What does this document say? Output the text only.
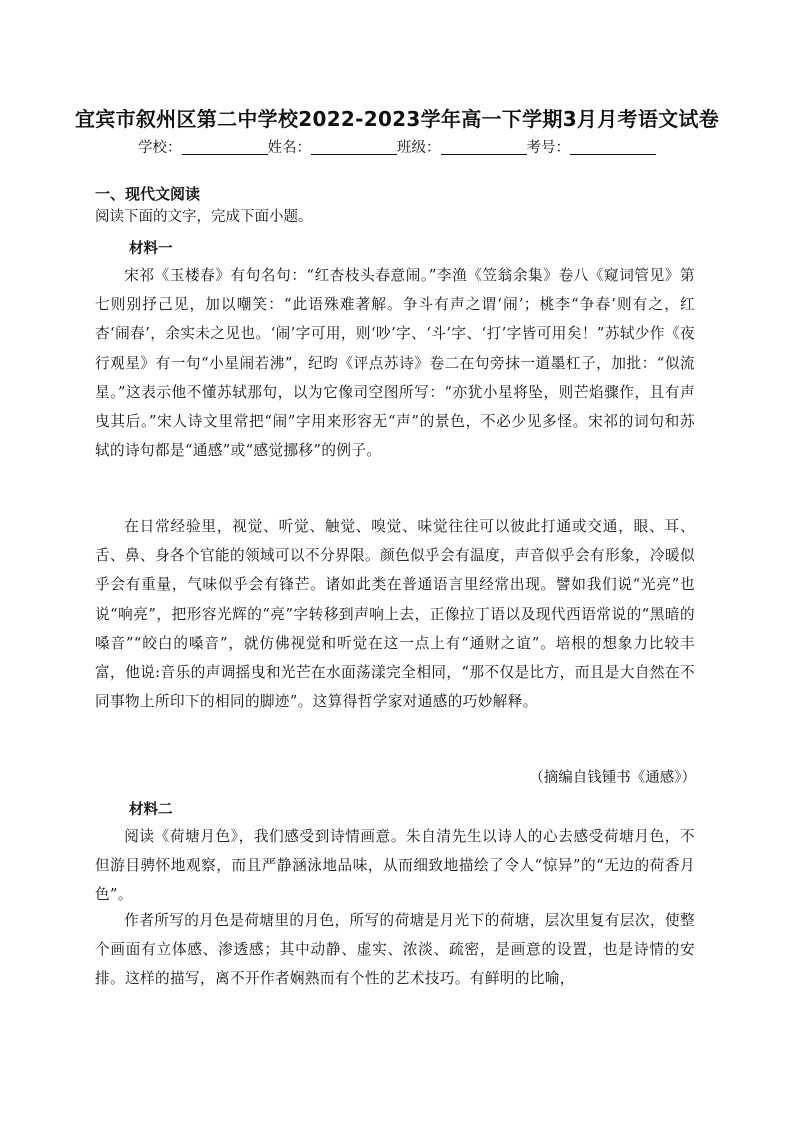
宜宾市叙州区第二中学校2022-2023学年高一下学期3月月考语文试卷
学校：	姓名：	班级：	考号：
一、现代文阅读
阅读下面的文字，完成下面小题。
材料一
宋祁《玉楼春》有句名句：“红杏枝头春意闹。”李渔《笠翁余集》卷八《窥词管见》第七则别抒己见，加以嘲笑：“此语殊难著解。争斗有声之谓‘闹’；桃李“争春’则有之，红杏‘闹春’，余实未之见也。‘闹’字可用，则‘吵’字、‘斗’字、‘打’字皆可用矣！”苏轼少作《夜行观星》有一句“小星闹若沸”，纪昀《评点苏诗》卷二在句旁抹一道墨杠子，加批：“似流星。”这表示他不懂苏轼那句，以为它像司空图所写：“亦犹小星将坠，则芒焰骤作，且有声曳其后。”宋人诗文里常把“闹”字用来形容无“声”的景色，不必少见多怪。宋祁的词句和苏轼的诗句都是“通感”或“感觉挪移”的例子。
在日常经验里，视觉、听觉、触觉、嗅觉、味觉往往可以彼此打通或交通，眼、耳、舌、鼻、身各个官能的领域可以不分界限。颜色似乎会有温度，声音似乎会有形象，冷暖似乎会有重量，气味似乎会有锋芒。诸如此类在普通语言里经常出现。譬如我们说“光亮”也说“响亮”，把形容光辉的“亮”字转移到声响上去，正像拉丁语以及现代西语常说的“黑暗的嗓音”“皎白的嗓音”，就仿佛视觉和听觉在这一点上有“通财之谊”。培根的想象力比较丰富，他说:音乐的声调摇曳和光芒在水面荡漾完全相同，“那不仅是比方，而且是大自然在不同事物上所印下的相同的脚迹”。这算得哲学家对通感的巧妙解释。
（摘编自钱锺书《通感》）
材料二
阅读《荷塘月色》，我们感受到诗情画意。朱自清先生以诗人的心去感受荷塘月色，不但游目骋怀地观察，而且严静涵泳地品味，从而细致地描绘了令人“惊异”的“无边的荷香月色”。
作者所写的月色是荷塘里的月色，所写的荷塘是月光下的荷塘，层次里复有层次，使整个画面有立体感、渗透感；其中动静、虚实、浓淡、疏密，是画意的设置，也是诗情的安排。这样的描写，离不开作者娴熟而有个性的艺术技巧。有鲜明的比喻，
